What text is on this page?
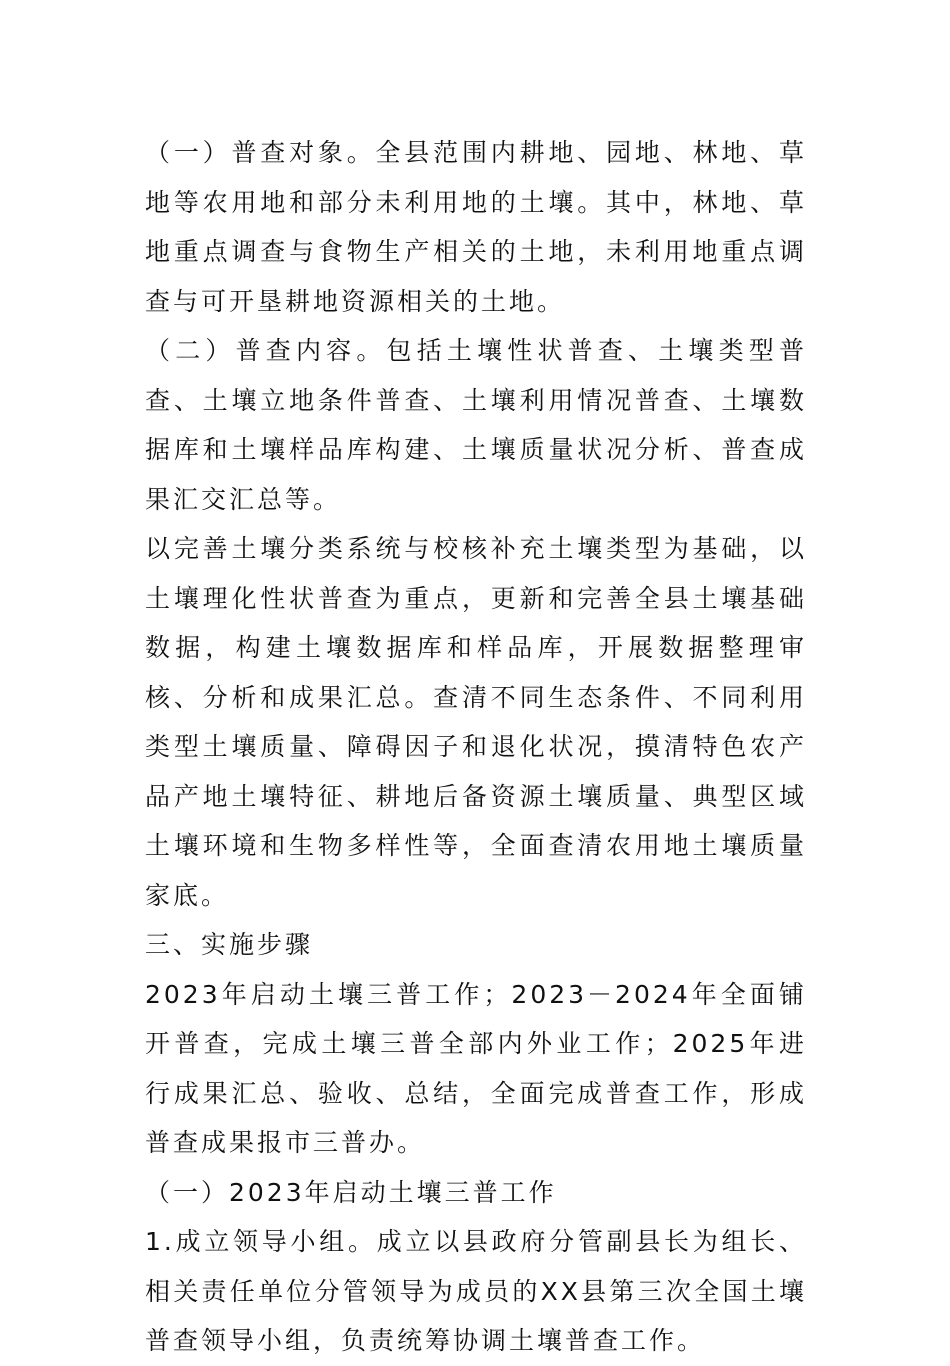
（一）普查对象。全县范围内耕地、园地、林地、草地等农用地和部分未利用地的土壤。其中，林地、草地重点调查与食物生产相关的土地，未利用地重点调查与可开垦耕地资源相关的土地。

（二）普查内容。包括土壤性状普查、土壤类型普查、土壤立地条件普查、土壤利用情况普查、土壤数据库和土壤样品库构建、土壤质量状况分析、普查成果汇交汇总等。

以完善土壤分类系统与校核补充土壤类型为基础，以土壤理化性状普查为重点，更新和完善全县土壤基础数据，构建土壤数据库和样品库，开展数据整理审核、分析和成果汇总。查清不同生态条件、不同利用类型土壤质量、障碍因子和退化状况，摸清特色农产品产地土壤特征、耕地后备资源土壤质量、典型区域土壤环境和生物多样性等，全面查清农用地土壤质量家底。

三、实施步骤

2023年启动土壤三普工作；2023－2024年全面铺开普查，完成土壤三普全部内外业工作；2025年进行成果汇总、验收、总结，全面完成普查工作，形成普查成果报市三普办。

（一）2023年启动土壤三普工作

1.成立领导小组。成立以县政府分管副县长为组长、相关责任单位分管领导为成员的XX县第三次全国土壤普查领导小组，负责统筹协调土壤普查工作。
